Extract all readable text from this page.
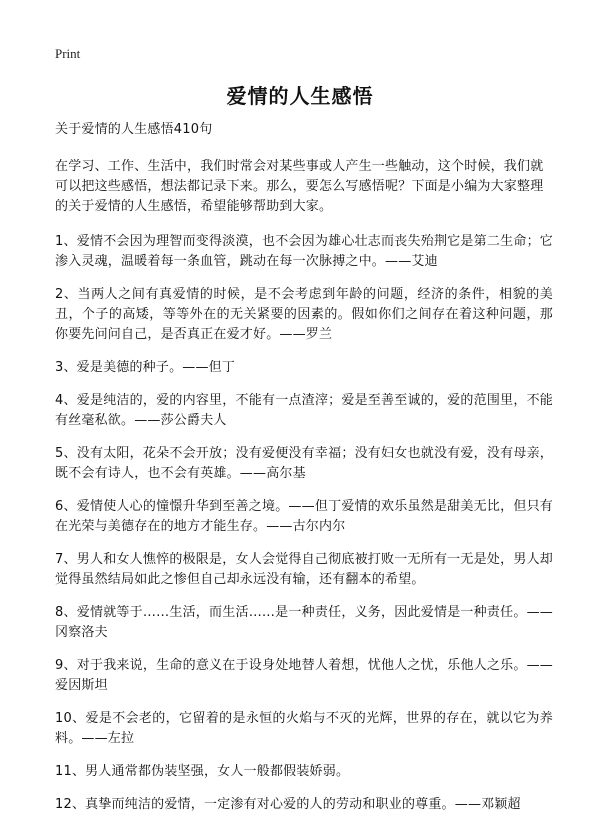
Print
爱情的人生感悟

关于爱情的人生感悟410句

在学习、工作、生活中，我们时常会对某些事或人产生一些触动，这个时候，我们就可以把这些感悟，想法都记录下来。那么，要怎么写感悟呢？下面是小编为大家整理的关于爱情的人生感悟，希望能够帮助到大家。

1、爱情不会因为理智而变得淡漠，也不会因为雄心壮志而丧失殆荆它是第二生命；它渗入灵魂，温暖着每一条血管，跳动在每一次脉搏之中。——艾迪

2、当两人之间有真爱情的时候，是不会考虑到年龄的问题，经济的条件，相貌的美丑，个子的高矮，等等外在的无关紧要的因素的。假如你们之间存在着这种问题，那你要先问问自己，是否真正在爱才好。——罗兰

3、爱是美德的种子。——但丁

4、爱是纯洁的，爱的内容里，不能有一点渣滓；爱是至善至诚的，爱的范围里，不能有丝毫私欲。——莎公爵夫人

5、没有太阳，花朵不会开放；没有爱便没有幸福；没有妇女也就没有爱，没有母亲，既不会有诗人，也不会有英雄。——高尔基

6、爱情使人心的憧憬升华到至善之境。——但丁爱情的欢乐虽然是甜美无比，但只有在光荣与美德存在的地方才能生存。——古尔内尔

7、男人和女人憔悴的极限是，女人会觉得自己彻底被打败一无所有一无是处，男人却觉得虽然结局如此之惨但自己却永远没有输，还有翻本的希望。

8、爱情就等于……生活，而生活……是一种责任，义务，因此爱情是一种责任。——冈察洛夫

9、对于我来说，生命的意义在于设身处地替人着想，忧他人之忧，乐他人之乐。——爱因斯坦

10、爱是不会老的，它留着的是永恒的火焰与不灭的光辉，世界的存在，就以它为养料。——左拉

11、男人通常都伪装坚强，女人一般都假装娇弱。

12、真挚而纯洁的爱情，一定渗有对心爱的人的劳动和职业的尊重。——邓颖超
